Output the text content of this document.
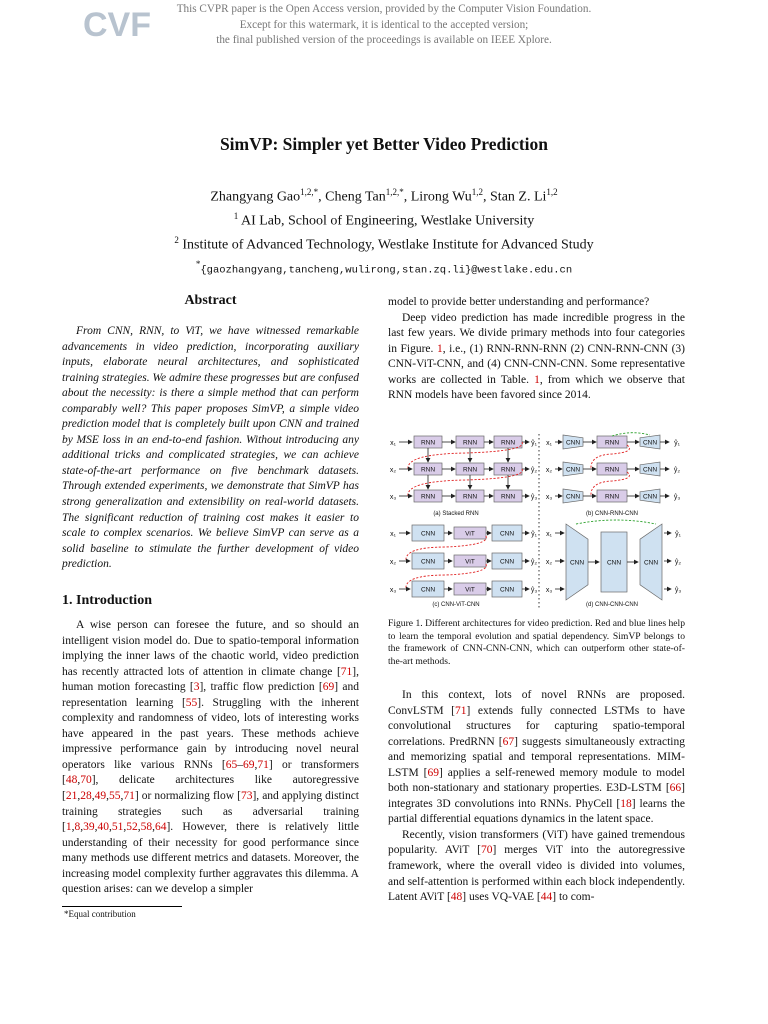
CVF	This CVPR paper is the Open Access version, provided by the Computer Vision Foundation.
Except for this watermark, it is identical to the accepted version;
the final published version of the proceedings is available on IEEE Xplore.
SimVP: Simpler yet Better Video Prediction
Zhangyang Gao$^{1,2,*}$, Cheng Tan$^{1,2,*}$, Lirong Wu$^{1,2}$, Stan Z. Li$^{1,2}$
$^1$ AI Lab, School of Engineering, Westlake University
$^2$ Institute of Advanced Technology, Westlake Institute for Advanced Study
*{gaozhangyang,tancheng,wulirong,stan.zq.li}@westlake.edu.cn
Abstract

From CNN, RNN, to ViT, we have witnessed remarkable advancements in video prediction, incorporating auxiliary inputs, elaborate neural architectures, and sophisticated training strategies. We admire these progresses but are confused about the necessity: is there a simple method that can perform comparably well? This paper proposes SimVP, a simple video prediction model that is completely built upon CNN and trained by MSE loss in an end-to-end fashion. Without introducing any additional tricks and complicated strategies, we can achieve state-of-the-art performance on five benchmark datasets. Through extended experiments, we demonstrate that SimVP has strong generalization and extensibility on real-world datasets. The significant reduction of training cost makes it easier to scale to complex scenarios. We believe SimVP can serve as a solid baseline to stimulate the further development of video prediction.

1. Introduction

A wise person can foresee the future, and so should an intelligent vision model do. Due to spatio-temporal information implying the inner laws of the chaotic world, video prediction has recently attracted lots of attention in climate change [71], human motion forecasting [3], traffic flow prediction [69] and representation learning [55]. Struggling with the inherent complexity and randomness of video, lots of interesting works have appeared in the past years. These methods achieve impressive performance gain by introducing novel neural operators like various RNNs [65–69,71] or transformers [48,70], delicate architectures like autoregressive [21,28,49,55,71] or normalizing flow [73], and applying distinct training strategies such as adversarial training [1,8,39,40,51,52,58,64]. However, there is relatively little understanding of their necessity for good performance since many methods use different metrics and datasets. Moreover, the increasing model complexity further aggravates this dilemma. A question arises: can we develop a simpler

*Equal contribution

model to provide better understanding and performance?

Deep video prediction has made incredible progress in the last few years. We divide primary methods into four categories in Figure. 1, i.e., (1) RNN-RNN-RNN (2) CNN-RNN-CNN (3) CNN-ViT-CNN, and (4) CNN-CNN-CNN. Some representative works are collected in Table. 1, from which we observe that RNN models have been favored since 2014.

x₁	RNN	RNN	RNN ŷ₁
x₂	RNN	RNN	RNN ŷ₂
x₃	RNN	RNN	RNN ŷ₃
(a) Stacked RNN
x₁ CNN	RNN	CNN ŷ₁
x₂ CNN	RNN	CNN ŷ₂
x₃ CNN	RNN	CNN ŷ₃
(b) CNN-RNN-CNN
x₁	CNN	ViT	CNN ŷ₁
x₂	CNN	ViT	CNN ŷ₂
x₃	CNN	ViT	CNN ŷ₃
(c) CNN-ViT-CNN
x₁	ŷ₁
x₂	ŷ₂
x₃	ŷ₃
CNN	CNN	CNN
(d) CNN-CNN-CNN
Figure 1. Different architectures for video prediction. Red and blue lines help to learn the temporal evolution and spatial dependency. SimVP belongs to the framework of CNN-CNN-CNN, which can outperform other state-of-the-art methods.

In this context, lots of novel RNNs are proposed. ConvLSTM [71] extends fully connected LSTMs to have convolutional structures for capturing spatio-temporal correlations. PredRNN [67] suggests simultaneously extracting and memorizing spatial and temporal representations. MIM-LSTM [69] applies a self-renewed memory module to model both non-stationary and stationary properties. E3D-LSTM [66] integrates 3D convolutions into RNNs. PhyCell [18] learns the partial differential equations dynamics in the latent space.

Recently, vision transformers (ViT) have gained tremendous popularity. AViT [70] merges ViT into the autoregressive framework, where the overall video is divided into volumes, and self-attention is performed within each block independently. Latent AViT [48] uses VQ-VAE [44] to com-
